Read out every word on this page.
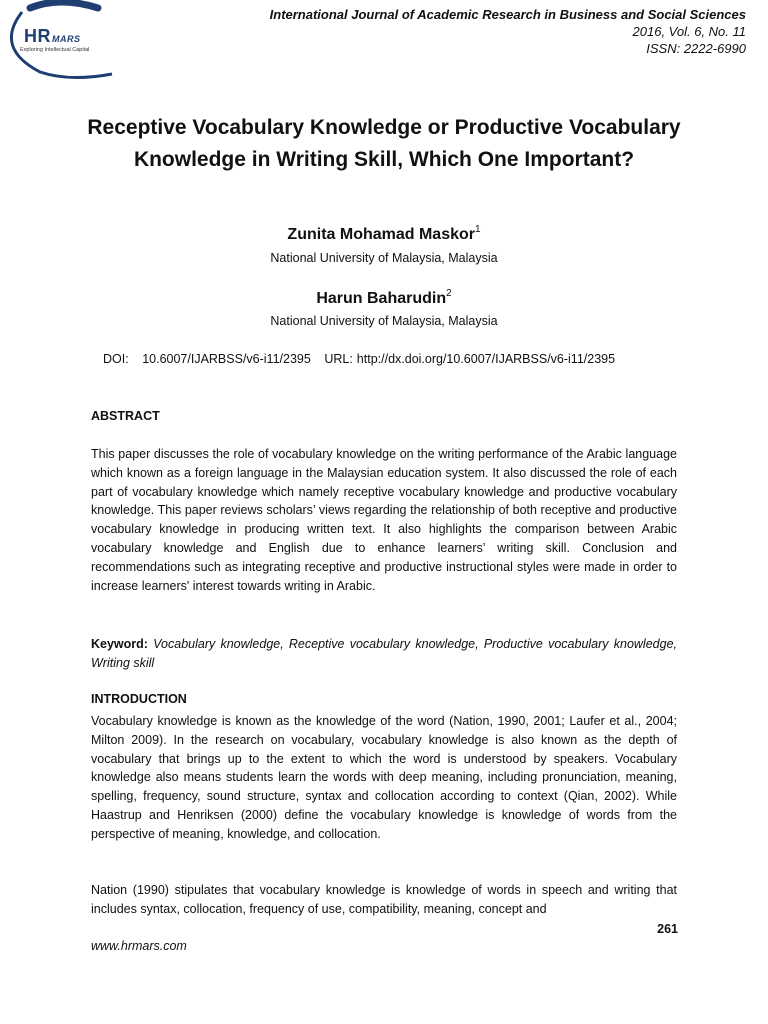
HRMARS
Exploring Intellectual Capital
International Journal of Academic Research in Business and Social Sciences
2016, Vol. 6, No. 11
ISSN: 2222-6990
Receptive Vocabulary Knowledge or Productive Vocabulary Knowledge in Writing Skill, Which One Important?
Zunita Mohamad Maskor$^1$
National University of Malaysia, Malaysia
Harun Baharudin$^2$
National University of Malaysia, Malaysia
DOI: 10.6007/IJARBSS/v6-i11/2395 URL: http://dx.doi.org/10.6007/IJARBSS/v6-i11/2395
ABSTRACT

This paper discusses the role of vocabulary knowledge on the writing performance of the Arabic language which known as a foreign language in the Malaysian education system. It also discussed the role of each part of vocabulary knowledge which namely receptive vocabulary knowledge and productive vocabulary knowledge. This paper reviews scholars’ views regarding the relationship of both receptive and productive vocabulary knowledge in producing written text. It also highlights the comparison between Arabic vocabulary knowledge and English due to enhance learners’ writing skill. Conclusion and recommendations such as integrating receptive and productive instructional styles were made in order to increase learners' interest towards writing in Arabic.

Keyword: Vocabulary knowledge, Receptive vocabulary knowledge, Productive vocabulary knowledge, Writing skill

INTRODUCTION

Vocabulary knowledge is known as the knowledge of the word (Nation, 1990, 2001; Laufer et al., 2004; Milton 2009). In the research on vocabulary, vocabulary knowledge is also known as the depth of vocabulary that brings up to the extent to which the word is understood by speakers. Vocabulary knowledge also means students learn the words with deep meaning, including pronunciation, meaning, spelling, frequency, sound structure, syntax and collocation according to context (Qian, 2002). While Haastrup and Henriksen (2000) define the vocabulary knowledge is knowledge of words from the perspective of meaning, knowledge, and collocation.

Nation (1990) stipulates that vocabulary knowledge is knowledge of words in speech and writing that includes syntax, collocation, frequency of use, compatibility, meaning, concept and

261
www.hrmars.com
